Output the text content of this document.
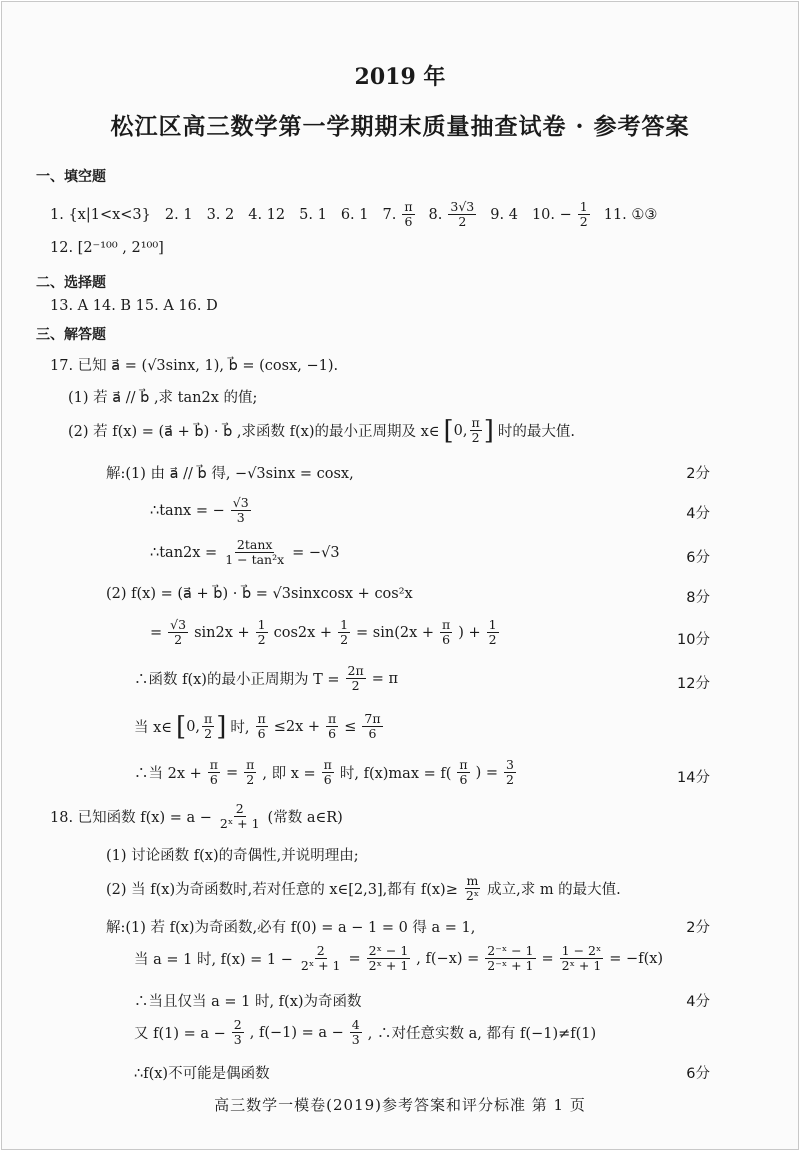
2019 年
松江区高三数学第一学期期末质量抽查试卷 · 参考答案
一、填空题
1. {x|1<x<3} 2. 1 3. 2 4. 12 5. 1 6. 1 7. $\frac{\pi}{6} 8$. $\frac{3√3}{2} 9$. 4 10. − $\frac{1}{2} 11$. ①③
12. [2⁻¹⁰⁰ , 2¹⁰⁰]
二、选择题
13. A 14. B 15. A 16. D
三、解答题
17. 已知 a⃗ = (√3sinx, 1), b⃗ = (cosx, −1).
(1) 若 a⃗ // b⃗ ,求 tan2x 的值;
(2) 若 f(x) = (a⃗ + b⃗) · b⃗ ,求函数 f(x)的最小正周期及 x∈ [ 0, $\frac{\pi}{2}$ ] 时的最大值.
解:(1) 由 a⃗ // b⃗ 得, −√3sinx = cosx,	2分
∴tanx = − $\frac{√3}{3}$	4分
∴tan2x = $\frac{2\tan x}{\text{1 − tan²x}} = -√3$	6分
(2) f(x) = (a⃗ + b⃗) · b⃗ = √3sinxcosx + cos²x	8分
= $\frac{√3}{2} \sin 2x + \frac{1}{2} \cos 2x + \frac{1}{2} = \sin(2x + \frac{\pi}{6}$ ) + $\frac{1}{2}$	10分
∴函数 f(x)的最小正周期为 $T = \frac{2\pi}{2} = \pi$	12分
当 x∈ [ 0, $\frac{\pi}{2}$ ] 时, $\frac{\pi}{6} \le 2x + \frac{\pi}{6} \le \frac{7\pi}{6}$
∴当 $2x + \frac{\pi}{6} = \frac{\pi}{2}$ , 即 $x = \frac{\pi}{6}$ 时, $f(x)\max = f( \frac{\pi}{6}$ ) = $\frac{3}{2}$	14分
18. 已知函数 $f(x) = a - \frac{2}{\text{2ˣ + 1}}$ (常数 a∈R)
(1) 讨论函数 f(x)的奇偶性,并说明理由;
(2) 当 f(x)为奇函数时,若对任意的 x∈[2,3],都有 $f(x)\ge \frac{m}{\text{2ˣ}}$ 成立,求 m 的最大值.
解:(1) 若 f(x)为奇函数,必有 f(0) = a − 1 = 0 得 a = 1,	2分
当 a = 1 时, $f(x) = 1 - \frac{2}{\text{2ˣ + 1}} = \frac{\text{2ˣ − 1}}{\text{2ˣ + 1}}$ , $f(-x) = \frac{\text{2⁻ˣ − 1}}{\text{2⁻ˣ + 1}} = \frac{\text{1 − 2ˣ}}{\text{2ˣ + 1}} = -f(x)$
∴当且仅当 a = 1 时, f(x)为奇函数	4分
又 $f(1) = a - \frac{2}{3}$ , $f(-1) = a - \frac{4}{3}$ , ∴对任意实数 a, 都有 f(−1)≠f(1)
∴f(x)不可能是偶函数	6分
高三数学一模卷(2019)参考答案和评分标准 第 1 页
